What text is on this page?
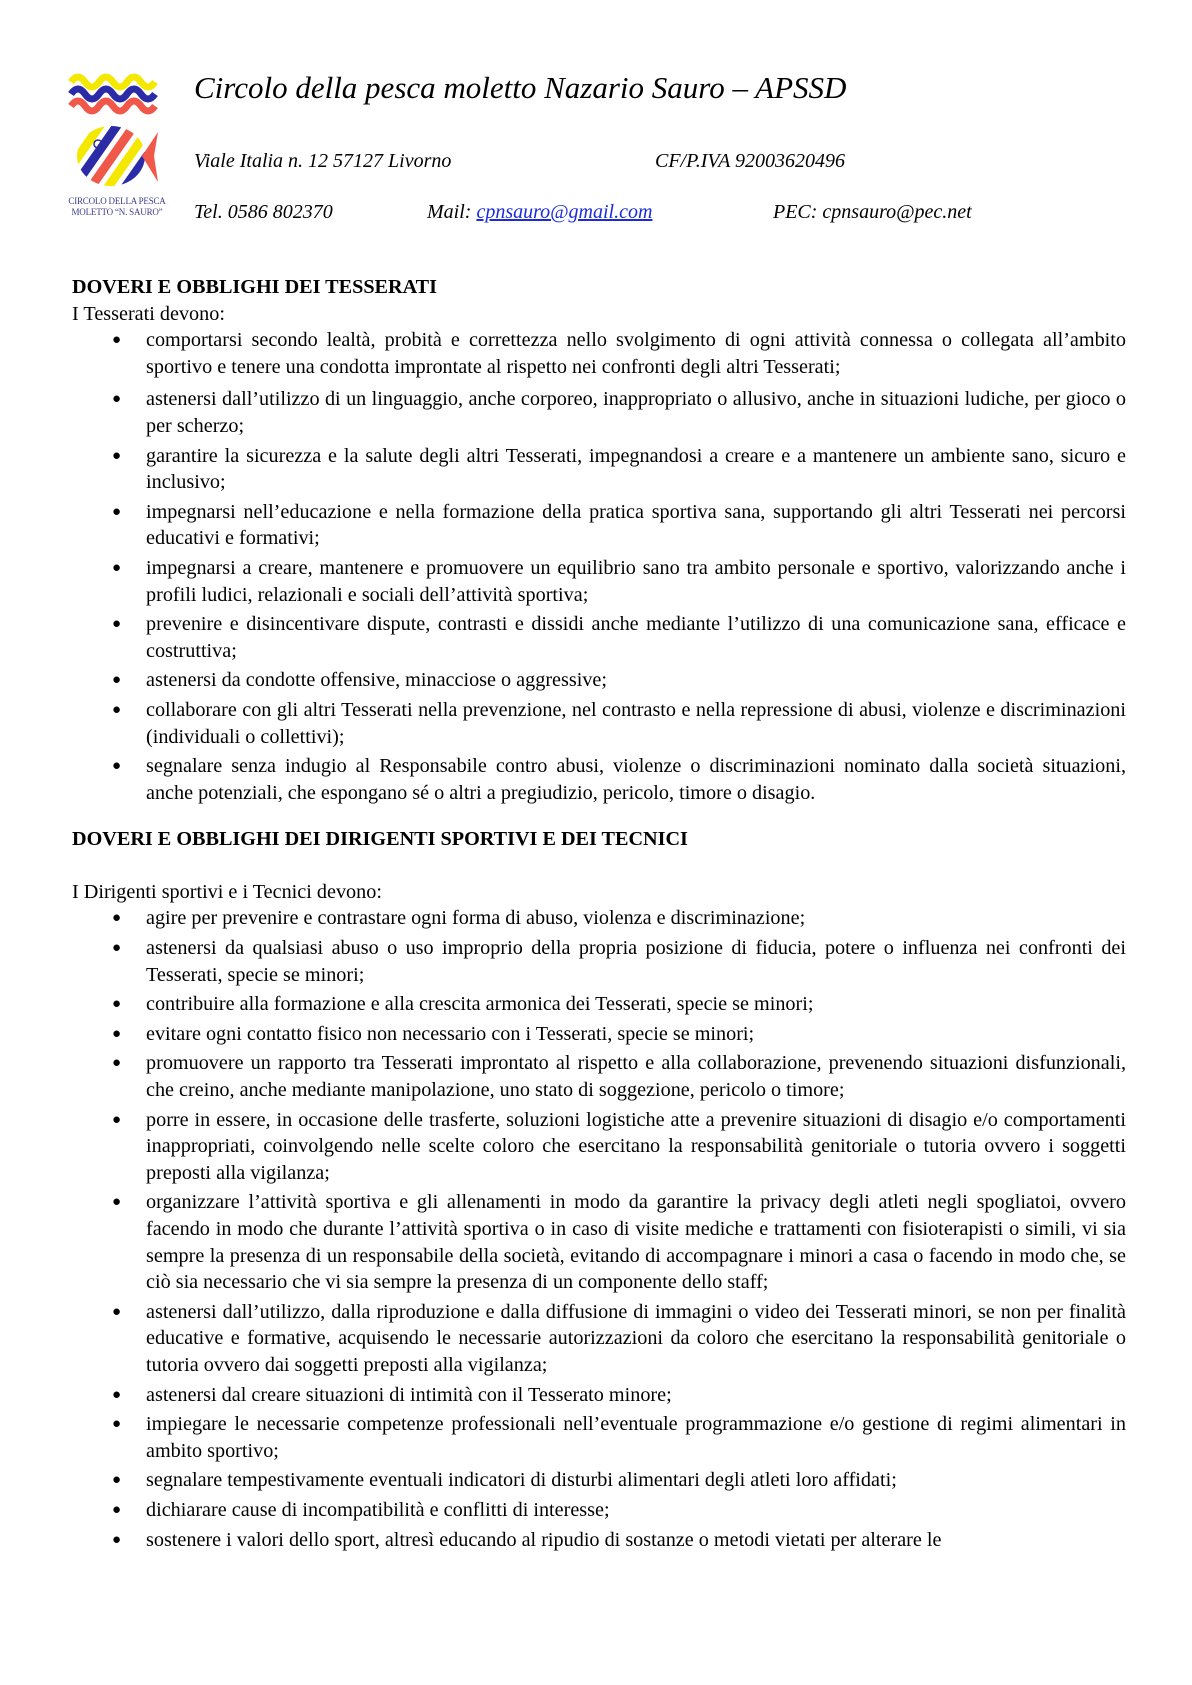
CIRCOLO DELLA PESCA
MOLETTO “N. SAURO”
Circolo della pesca moletto Nazario Sauro – APSSD
Viale Italia n. 12 57127 Livorno	CF/P.IVA 92003620496
Tel. 0586 802370	Mail: cpnsauro@gmail.com	PEC: cpnsauro@pec.net

DOVERI E OBBLIGHI DEI TESSERATI

I Tesserati devono:

● comportarsi secondo lealtà, probità e correttezza nello svolgimento di ogni attività connessa o collegata all’ambito sportivo e tenere una condotta improntate al rispetto nei confronti degli altri Tesserati;
● astenersi dall’utilizzo di un linguaggio, anche corporeo, inappropriato o allusivo, anche in situazioni ludiche, per gioco o per scherzo;
● garantire la sicurezza e la salute degli altri Tesserati, impegnandosi a creare e a mantenere un ambiente sano, sicuro e inclusivo;
● impegnarsi nell’educazione e nella formazione della pratica sportiva sana, supportando gli altri Tesserati nei percorsi educativi e formativi;
● impegnarsi a creare, mantenere e promuovere un equilibrio sano tra ambito personale e sportivo, valorizzando anche i profili ludici, relazionali e sociali dell’attività sportiva;
● prevenire e disincentivare dispute, contrasti e dissidi anche mediante l’utilizzo di una comunicazione sana, efficace e costruttiva;
● astenersi da condotte offensive, minacciose o aggressive;
● collaborare con gli altri Tesserati nella prevenzione, nel contrasto e nella repressione di abusi, violenze e discriminazioni (individuali o collettivi);
● segnalare senza indugio al Responsabile contro abusi, violenze o discriminazioni nominato dalla società situazioni, anche potenziali, che espongano sé o altri a pregiudizio, pericolo, timore o disagio.

DOVERI E OBBLIGHI DEI DIRIGENTI SPORTIVI E DEI TECNICI

I Dirigenti sportivi e i Tecnici devono:

● agire per prevenire e contrastare ogni forma di abuso, violenza e discriminazione;
● astenersi da qualsiasi abuso o uso improprio della propria posizione di fiducia, potere o influenza nei confronti dei Tesserati, specie se minori;
● contribuire alla formazione e alla crescita armonica dei Tesserati, specie se minori;
● evitare ogni contatto fisico non necessario con i Tesserati, specie se minori;
● promuovere un rapporto tra Tesserati improntato al rispetto e alla collaborazione, prevenendo situazioni disfunzionali, che creino, anche mediante manipolazione, uno stato di soggezione, pericolo o timore;
● porre in essere, in occasione delle trasferte, soluzioni logistiche atte a prevenire situazioni di disagio e/o comportamenti inappropriati, coinvolgendo nelle scelte coloro che esercitano la responsabilità genitoriale o tutoria ovvero i soggetti preposti alla vigilanza;
● organizzare l’attività sportiva e gli allenamenti in modo da garantire la privacy degli atleti negli spogliatoi, ovvero facendo in modo che durante l’attività sportiva o in caso di visite mediche e trattamenti con fisioterapisti o simili, vi sia sempre la presenza di un responsabile della società, evitando di accompagnare i minori a casa o facendo in modo che, se ciò sia necessario che vi sia sempre la presenza di un componente dello staff;
● astenersi dall’utilizzo, dalla riproduzione e dalla diffusione di immagini o video dei Tesserati minori, se non per finalità educative e formative, acquisendo le necessarie autorizzazioni da coloro che esercitano la responsabilità genitoriale o tutoria ovvero dai soggetti preposti alla vigilanza;
● astenersi dal creare situazioni di intimità con il Tesserato minore;
● impiegare le necessarie competenze professionali nell’eventuale programmazione e/o gestione di regimi alimentari in ambito sportivo;
● segnalare tempestivamente eventuali indicatori di disturbi alimentari degli atleti loro affidati;
● dichiarare cause di incompatibilità e conflitti di interesse;
● sostenere i valori dello sport, altresì educando al ripudio di sostanze o metodi vietati per alterare le
